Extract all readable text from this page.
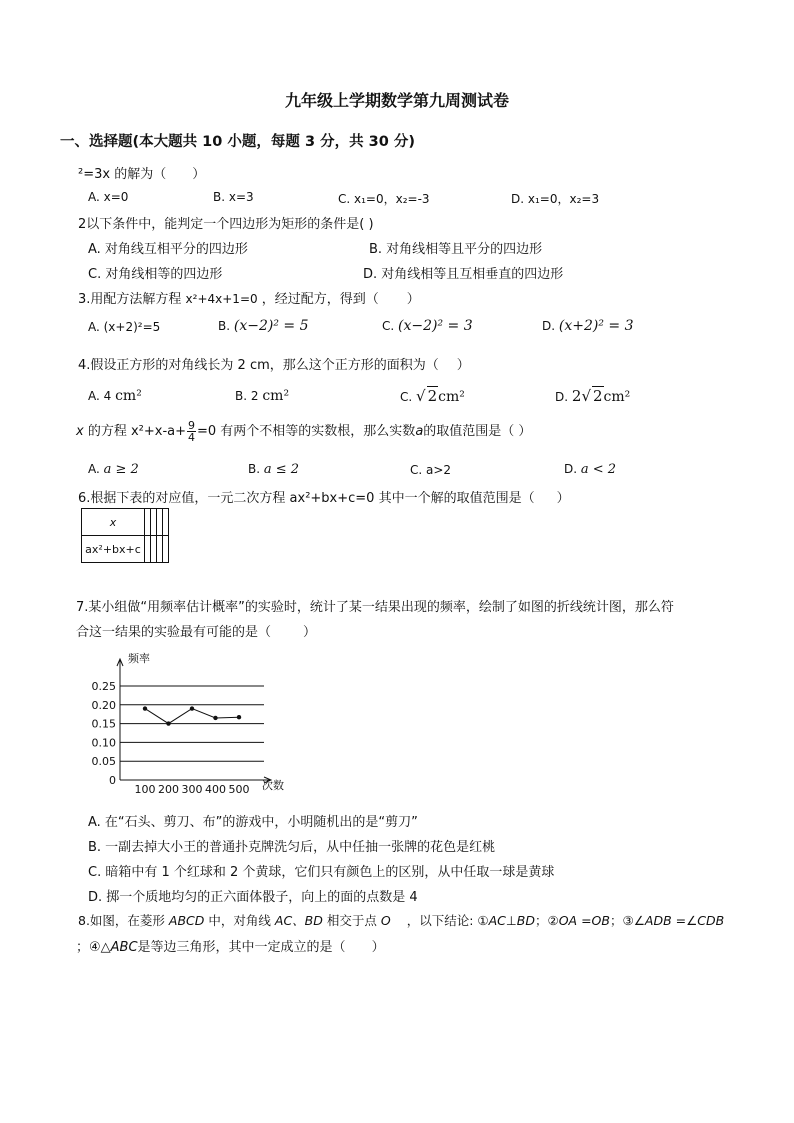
九年级上学期数学第九周测试卷
一、选择题(本大题共 10 小题，每题 3 分，共 30 分)
²=3x 的解为（ ）
A. x=0	B. x=3	C. x₁=0，x₂=-3	D. x₁=0，x₂=3
2以下条件中，能判定一个四边形为矩形的条件是( )
A. 对角线互相平分的四边形	B. 对角线相等且平分的四边形
C. 对角线相等的四边形	D. 对角线相等且互相垂直的四边形
3.用配方法解方程 x²+4x+1=0 ，经过配方，得到（ ）
A. (x+2)²=5	B. (x−2)² = 5	C. (x−2)² = 3	D. (x+2)² = 3
4.假设正方形的对角线长为 2 cm，那么这个正方形的面积为（ ）
A. 4 cm²	B. 2 cm²	C. √ 2cm²	D. 2√ 2cm²
x 的方程 $x^2+x-a+ \frac{9}{4} =0$ 有两个不相等的实数根，那么实数a的取值范围是（ ）
A. a ≥ 2	B. a ≤ 2	C. a>2	D. a < 2
6.根据下表的对应值，一元二次方程 ax²+bx+c=0 其中一个解的取值范围是（ ）
x				
ax²+bx+c				
7.某小组做“用频率估计概率”的实验时，统计了某一结果出现的频率，绘制了如图的折线统计图，那么符
合这一结果的实验最有可能的是（ ）
0.25
0.20
0.15
0.10
0.05
0
100 200 300 400 500
频率
次数
A. 在“石头、剪刀、布”的游戏中，小明随机出的是“剪刀”
B. 一副去掉大小王的普通扑克牌洗匀后，从中任抽一张牌的花色是红桃
C. 暗箱中有 1 个红球和 2 个黄球，它们只有颜色上的区别，从中任取一球是黄球
D. 掷一个质地均匀的正六面体骰子，向上的面的点数是 4
8.如图，在菱形 ABCD 中，对角线 AC、BD 相交于点 O ，以下结论: ①AC⊥BD；②OA =OB；③∠ADB =∠CDB
；④△ABC是等边三角形，其中一定成立的是（ ）
